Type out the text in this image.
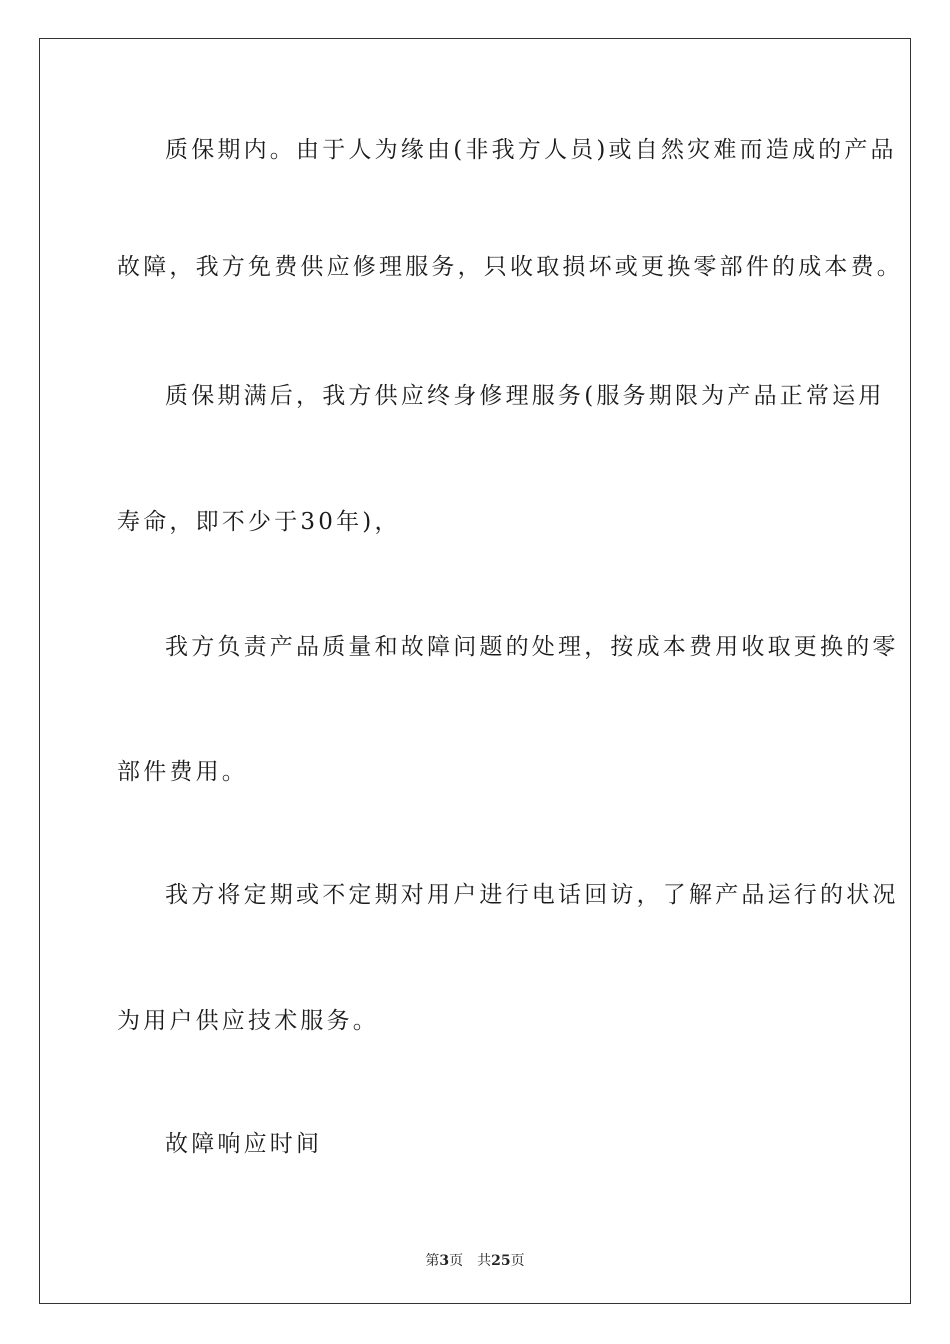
质保期内。由于人为缘由(非我方人员)或自然灾难而造成的产品
故障，我方免费供应修理服务，只收取损坏或更换零部件的成本费。
质保期满后，我方供应终身修理服务(服务期限为产品正常运用
寿命，即不少于30年)，
我方负责产品质量和故障问题的处理，按成本费用收取更换的零
部件费用。
我方将定期或不定期对用户进行电话回访，了解产品运行的状况
为用户供应技术服务。
故障响应时间
第3页　共25页
